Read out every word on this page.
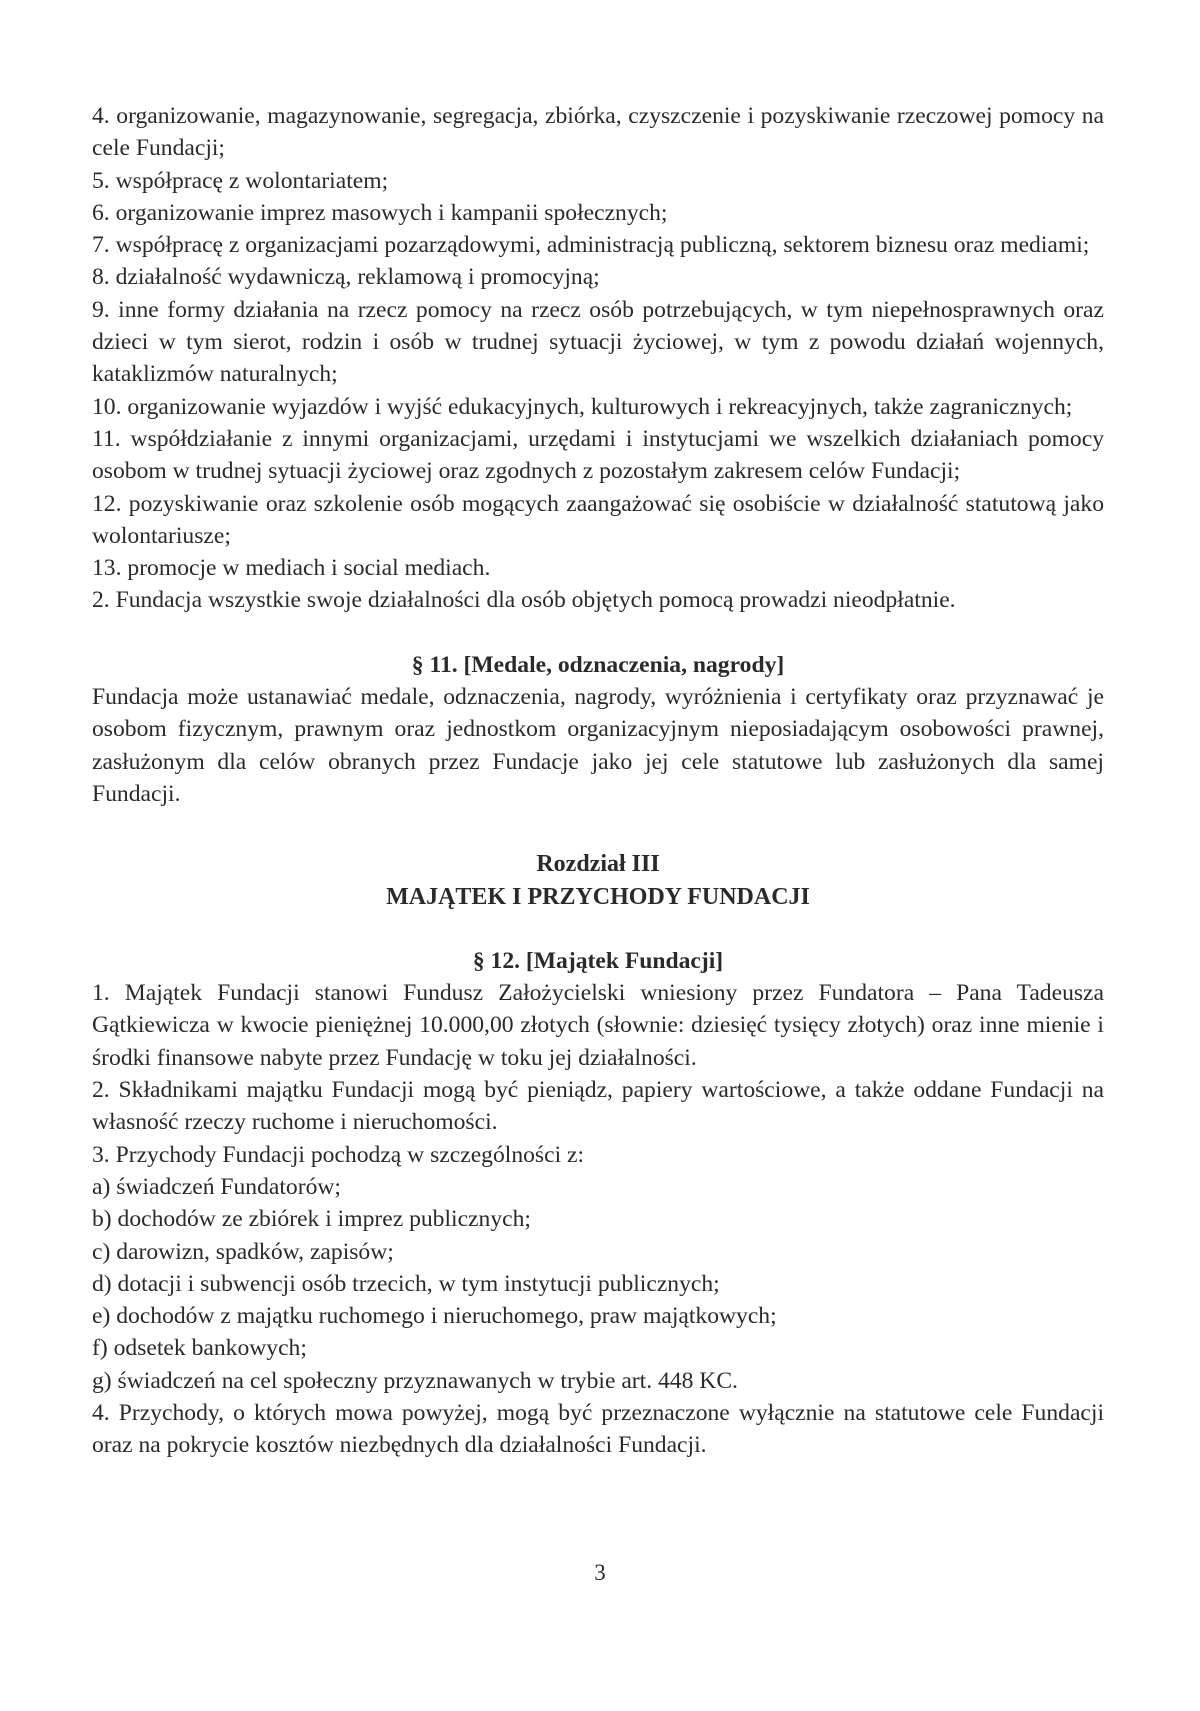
4. organizowanie, magazynowanie, segregacja, zbiórka, czyszczenie i pozyskiwanie rzeczowej pomocy na cele Fundacji;

5. współpracę z wolontariatem;

6. organizowanie imprez masowych i kampanii społecznych;

7. współpracę z organizacjami pozarządowymi, administracją publiczną, sektorem biznesu oraz mediami;

8. działalność wydawniczą, reklamową i promocyjną;

9. inne formy działania na rzecz pomocy na rzecz osób potrzebujących, w tym niepełnosprawnych oraz dzieci w tym sierot, rodzin i osób w trudnej sytuacji życiowej, w tym z powodu działań wojennych, kataklizmów naturalnych;

10. organizowanie wyjazdów i wyjść edukacyjnych, kulturowych i rekreacyjnych, także zagranicznych;

11. współdziałanie z innymi organizacjami, urzędami i instytucjami we wszelkich działaniach pomocy osobom w trudnej sytuacji życiowej oraz zgodnych z pozostałym zakresem celów Fundacji;

12. pozyskiwanie oraz szkolenie osób mogących zaangażować się osobiście w działalność statutową jako wolontariusze;

13. promocje w mediach i social mediach.

2. Fundacja wszystkie swoje działalności dla osób objętych pomocą prowadzi nieodpłatnie.

§ 11. [Medale, odznaczenia, nagrody]

Fundacja może ustanawiać medale, odznaczenia, nagrody, wyróżnienia i certyfikaty oraz przyznawać je osobom fizycznym, prawnym oraz jednostkom organizacyjnym nieposiadającym osobowości prawnej, zasłużonym dla celów obranych przez Fundacje jako jej cele statutowe lub zasłużonych dla samej Fundacji.

Rozdział III

MAJĄTEK I PRZYCHODY FUNDACJI

§ 12. [Majątek Fundacji]

1. Majątek Fundacji stanowi Fundusz Założycielski wniesiony przez Fundatora – Pana Tadeusza Gątkiewicza w kwocie pieniężnej 10.000,00 złotych (słownie: dziesięć tysięcy złotych) oraz inne mienie i środki finansowe nabyte przez Fundację w toku jej działalności.

2. Składnikami majątku Fundacji mogą być pieniądz, papiery wartościowe, a także oddane Fundacji na własność rzeczy ruchome i nieruchomości.

3. Przychody Fundacji pochodzą w szczególności z:

a) świadczeń Fundatorów;

b) dochodów ze zbiórek i imprez publicznych;

c) darowizn, spadków, zapisów;

d) dotacji i subwencji osób trzecich, w tym instytucji publicznych;

e) dochodów z majątku ruchomego i nieruchomego, praw majątkowych;

f) odsetek bankowych;

g) świadczeń na cel społeczny przyznawanych w trybie art. 448 KC.

4. Przychody, o których mowa powyżej, mogą być przeznaczone wyłącznie na statutowe cele Fundacji oraz na pokrycie kosztów niezbędnych dla działalności Fundacji.

3
